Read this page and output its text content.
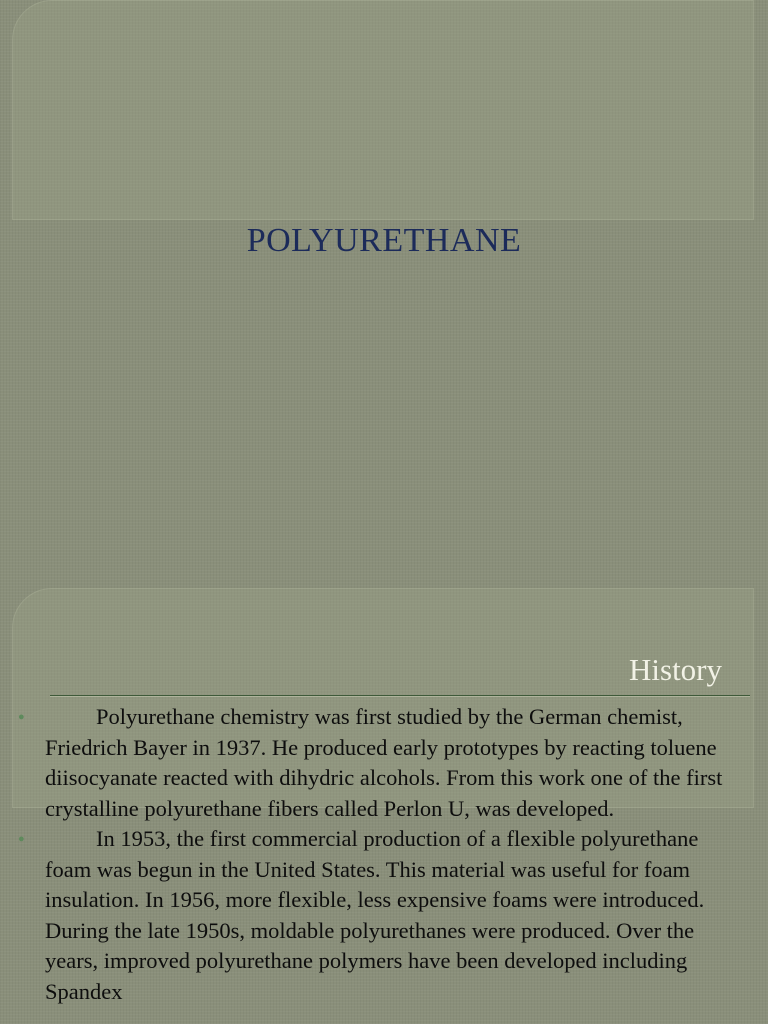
POLYURETHANE
History
●	Polyurethane chemistry was first studied by the German chemist, Friedrich Bayer in 1937. He produced early prototypes by reacting toluene diisocyanate reacted with dihydric alcohols. From this work one of the first crystalline polyurethane fibers called Perlon U, was developed.
●	In 1953, the first commercial production of a flexible polyurethane foam was begun in the United States. This material was useful for foam insulation. In 1956, more flexible, less expensive foams were introduced. During the late 1950s, moldable polyurethanes were produced. Over the years, improved polyurethane polymers have been developed including Spandex
